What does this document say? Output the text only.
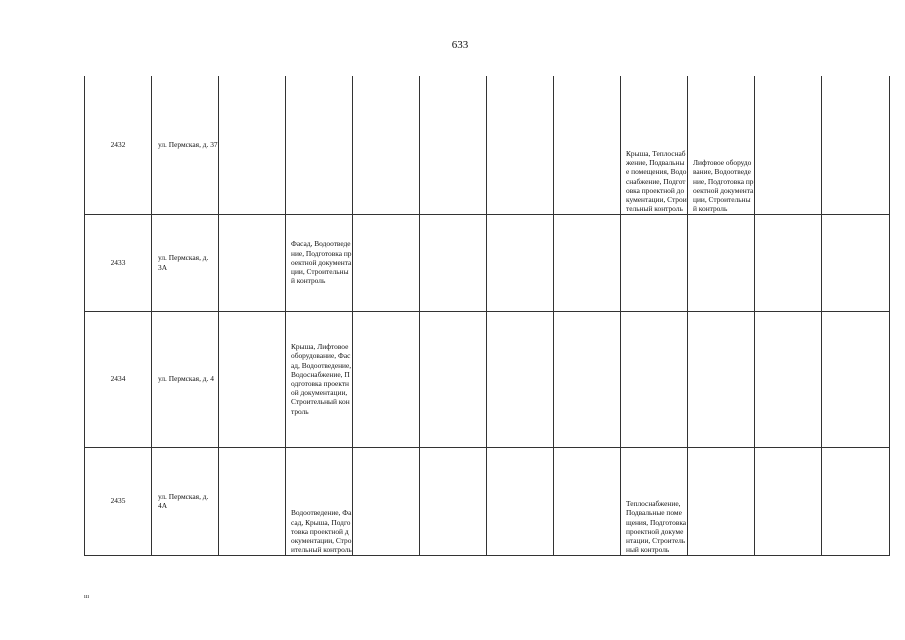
633
2432	ул. Пермская, д. 37							Крыша, Теплоснабжение, Подвальные помещения, Водоснабжение, Подготовка проектной документации, Строительный контроль	Лифтовое оборудование, Водоотведение, Подготовка проектной документации, Строительный контроль		
2433	ул. Пермская, д. 3А		Фасад, Водоотведение, Подготовка проектной документации, Строительный контроль								
2434	ул. Пермская, д. 4		Крыша, Лифтовое оборудование, Фасад, Водоотведение, Водоснабжение, Подготовка проектной документации, Строительный контроль								
2435	ул. Пермская, д. 4А		Водоотведение, Фасад, Крыша, Подготовка проектной документации, Строительный контроль					Теплоснабжение, Подвальные помещения, Подготовка проектной документации, Строительный контроль			
ııı
